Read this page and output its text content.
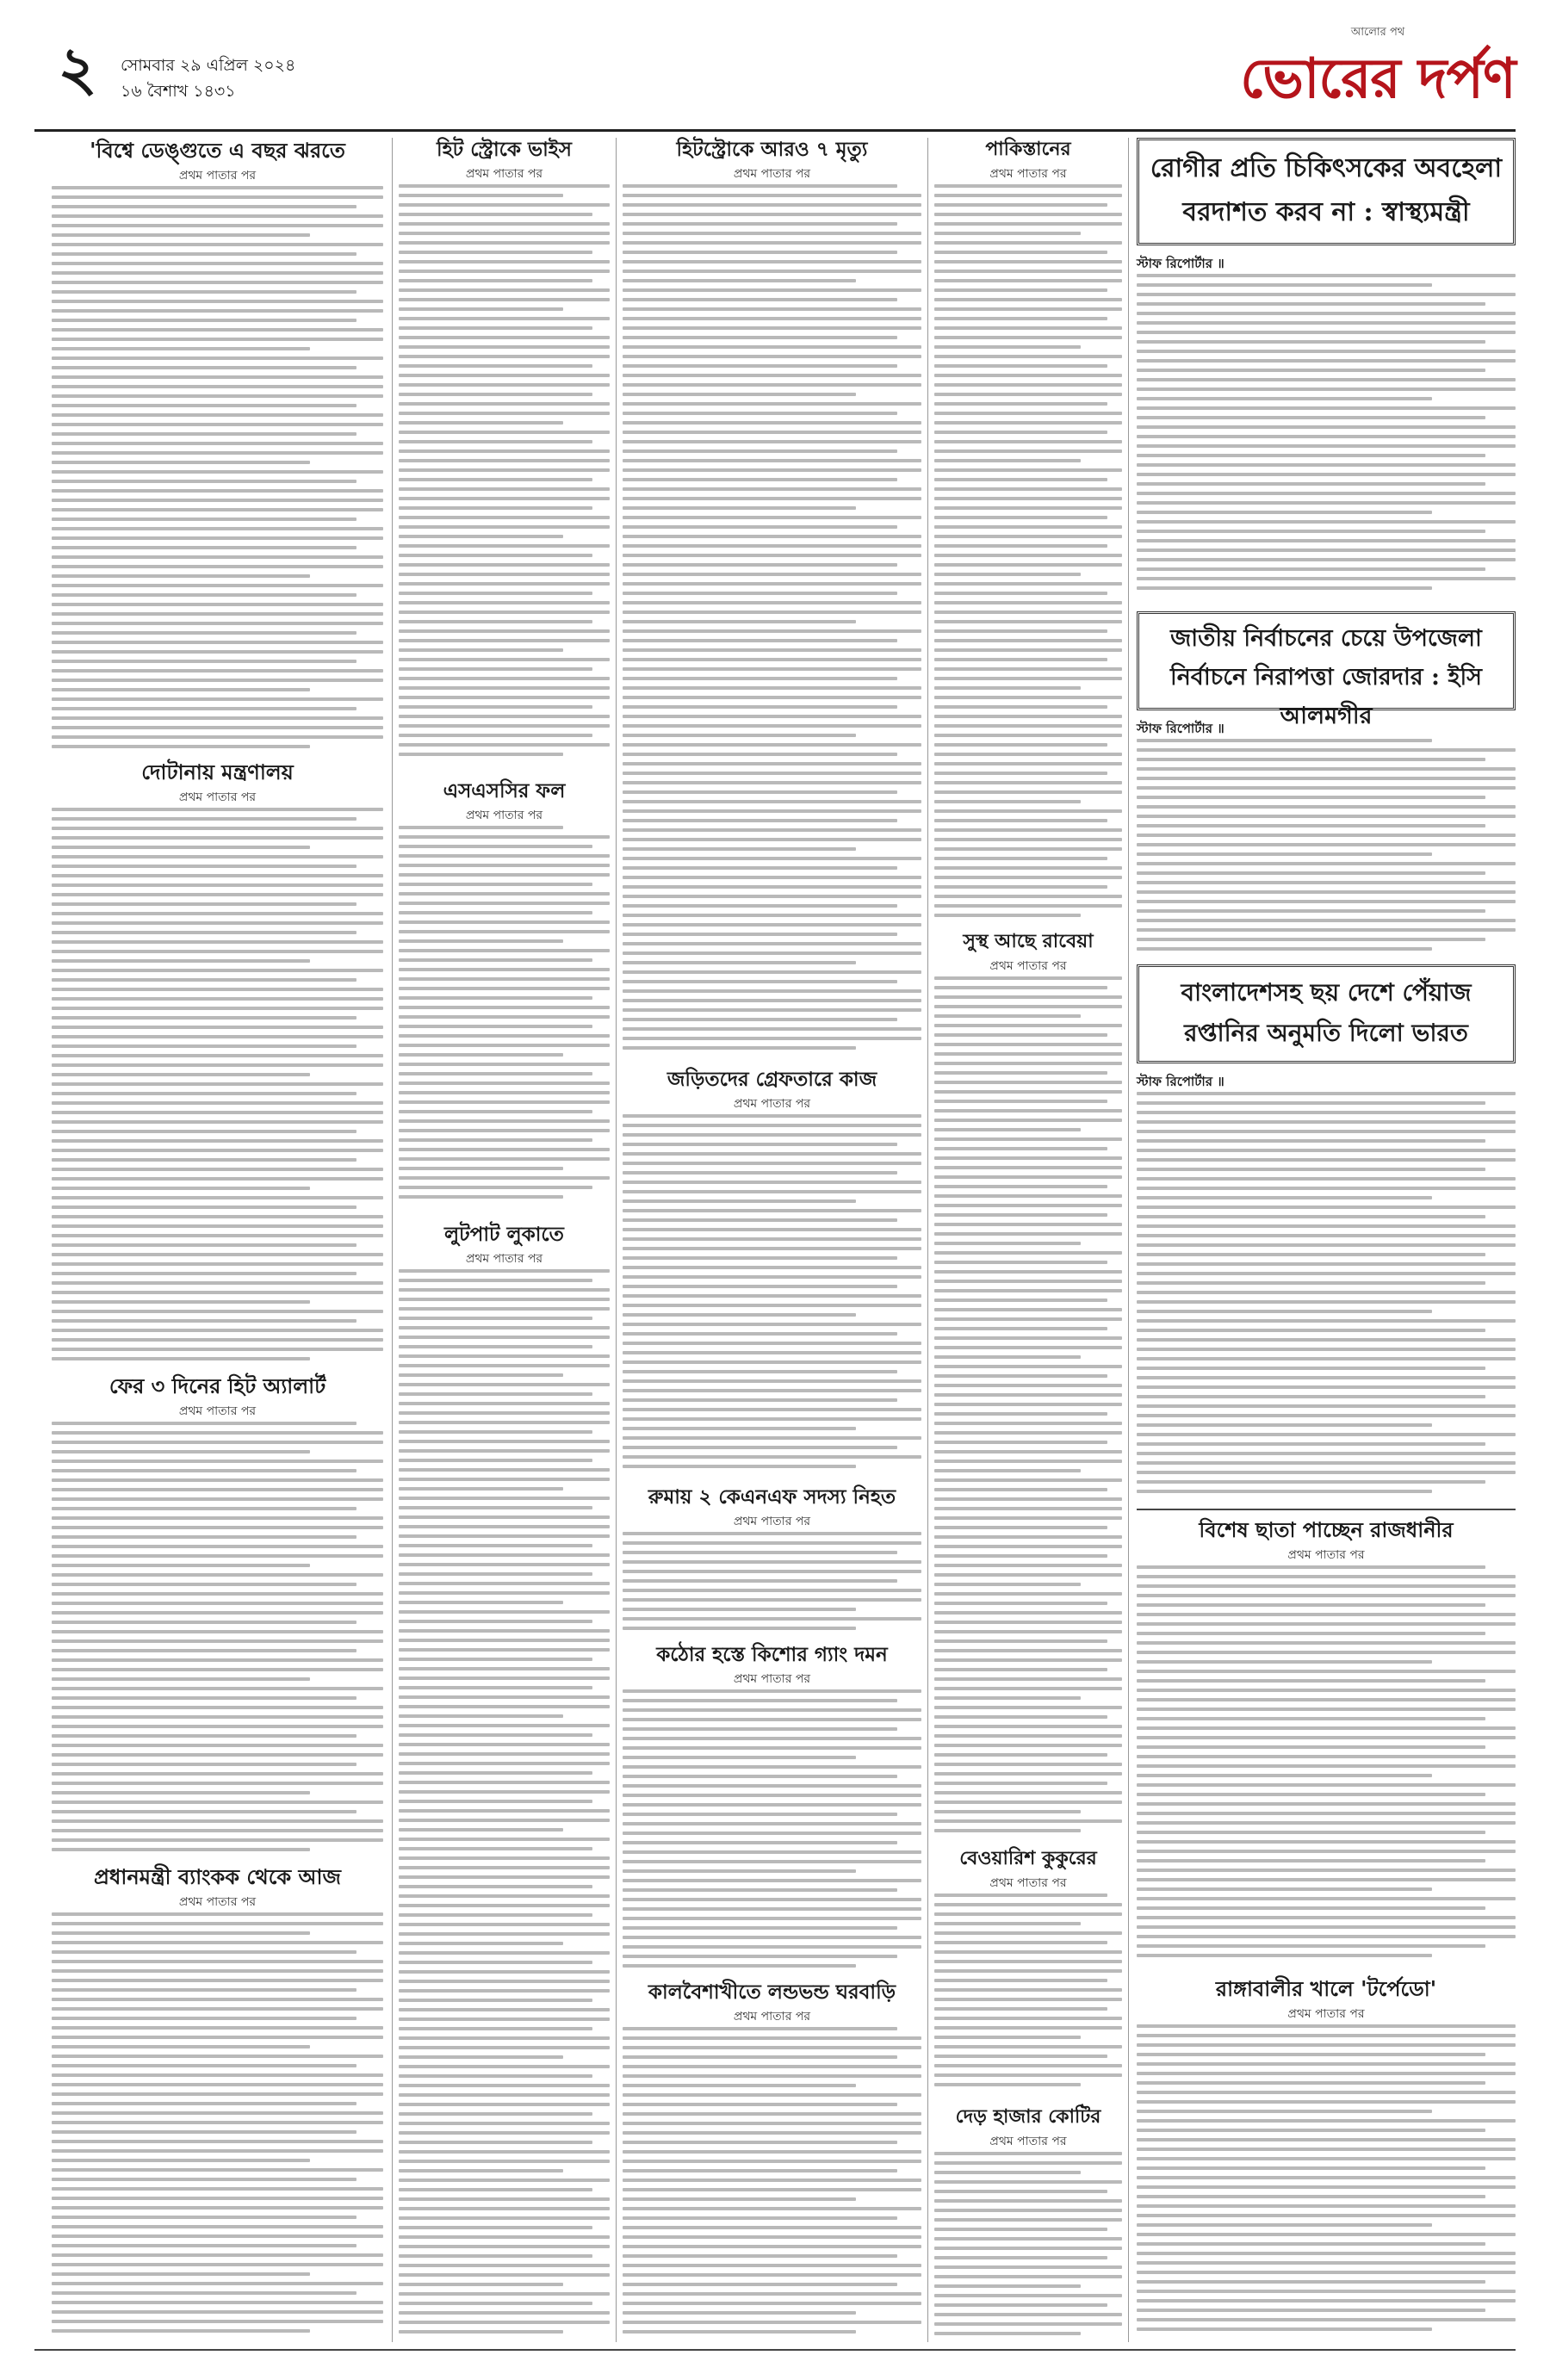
২	সোমবার ২৯ এপ্রিল ২০২৪
১৬ বৈশাখ ১৪৩১
আলোর পথ
ভোরের দর্পণ
'বিশ্বে ডেঙ্গুতে এ বছর ঝরতে
প্রথম পাতার পর
দোটানায় মন্ত্রণালয়
প্রথম পাতার পর
ফের ৩ দিনের হিট অ্যালার্ট
প্রথম পাতার পর
প্রধানমন্ত্রী ব্যাংকক থেকে আজ
প্রথম পাতার পর
হিট স্ট্রোকে ভাইস
প্রথম পাতার পর
এসএসসির ফল
প্রথম পাতার পর
লুটপাট লুকাতে
প্রথম পাতার পর
হিটস্ট্রোকে আরও ৭ মৃত্যু
প্রথম পাতার পর
জড়িতদের গ্রেফতারে কাজ
প্রথম পাতার পর
রুমায় ২ কেএনএফ সদস্য নিহত
প্রথম পাতার পর
কঠোর হস্তে কিশোর গ্যাং দমন
প্রথম পাতার পর
কালবৈশাখীতে লন্ডভন্ড ঘরবাড়ি
প্রথম পাতার পর
পাকিস্তানের
প্রথম পাতার পর
সুস্থ আছে রাবেয়া
প্রথম পাতার পর
বেওয়ারিশ কুকুরের
প্রথম পাতার পর
দেড় হাজার কোটির
প্রথম পাতার পর
রোগীর প্রতি চিকিৎসকের অবহেলা বরদাশত করব না : স্বাস্থ্যমন্ত্রী
স্টাফ রিপোর্টার ॥
জাতীয় নির্বাচনের চেয়ে উপজেলা নির্বাচনে নিরাপত্তা জোরদার : ইসি আলমগীর
স্টাফ রিপোর্টার ॥
বাংলাদেশসহ ছয় দেশে পেঁয়াজ রপ্তানির অনুমতি দিলো ভারত
স্টাফ রিপোর্টার ॥
বিশেষ ছাতা পাচ্ছেন রাজধানীর
প্রথম পাতার পর
রাঙ্গাবালীর খালে 'টর্পেডো'
প্রথম পাতার পর
